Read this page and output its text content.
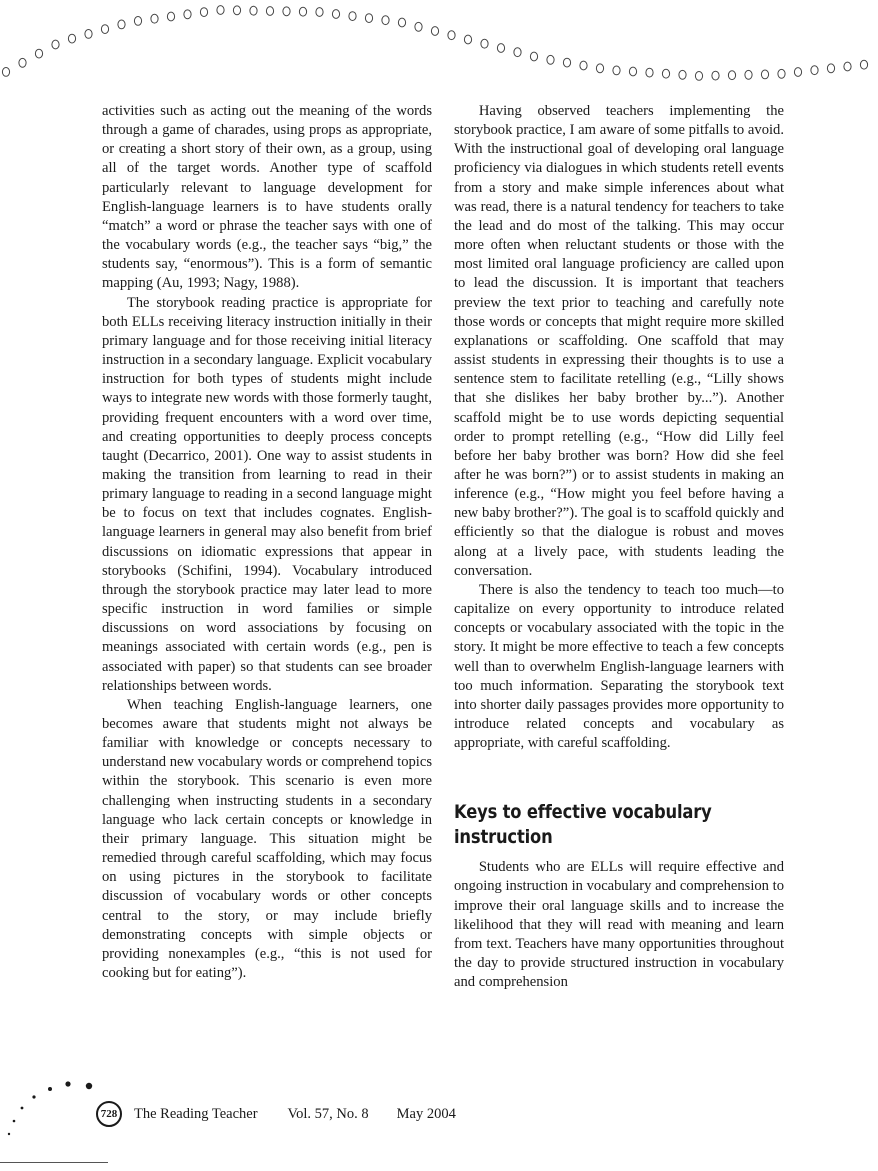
activities such as acting out the meaning of the words through a game of charades, using props as appropriate, or creating a short story of their own, as a group, using all of the target words. Another type of scaffold particularly relevant to language development for English-language learners is to have students orally “match” a word or phrase the teacher says with one of the vocabulary words (e.g., the teacher says “big,” the students say, “enormous”). This is a form of semantic mapping (Au, 1993; Nagy, 1988).

The storybook reading practice is appropriate for both ELLs receiving literacy instruction initially in their primary language and for those receiving initial literacy instruction in a secondary language. Explicit vocabulary instruction for both types of students might include ways to integrate new words with those formerly taught, providing frequent encounters with a word over time, and creating opportunities to deeply process concepts taught (Decarrico, 2001). One way to assist students in making the transition from learning to read in their primary language to reading in a second language might be to focus on text that includes cognates. English-language learners in general may also benefit from brief discussions on idiomatic expressions that appear in storybooks (Schifini, 1994). Vocabulary introduced through the storybook practice may later lead to more specific instruction in word families or simple discussions on word associations by focusing on meanings associated with certain words (e.g., pen is associated with paper) so that students can see broader relationships between words.

When teaching English-language learners, one becomes aware that students might not always be familiar with knowledge or concepts necessary to understand new vocabulary words or comprehend topics within the storybook. This scenario is even more challenging when instructing students in a secondary language who lack certain concepts or knowledge in their primary language. This situation might be remedied through careful scaffolding, which may focus on using pictures in the storybook to facilitate discussion of vocabulary words or other concepts central to the story, or may include briefly demonstrating concepts with simple objects or providing nonexamples (e.g., “this is not used for cooking but for eating”).

Having observed teachers implementing the storybook practice, I am aware of some pitfalls to avoid. With the instructional goal of developing oral language proficiency via dialogues in which students retell events from a story and make simple inferences about what was read, there is a natural tendency for teachers to take the lead and do most of the talking. This may occur more often when reluctant students or those with the most limited oral language proficiency are called upon to lead the discussion. It is important that teachers preview the text prior to teaching and carefully note those words or concepts that might require more skilled explanations or scaffolding. One scaffold that may assist students in expressing their thoughts is to use a sentence stem to facilitate retelling (e.g., “Lilly shows that she dislikes her baby brother by...”). Another scaffold might be to use words depicting sequential order to prompt retelling (e.g., “How did Lilly feel before her baby brother was born? How did she feel after he was born?”) or to assist students in making an inference (e.g., “How might you feel before having a new baby brother?”). The goal is to scaffold quickly and efficiently so that the dialogue is robust and moves along at a lively pace, with students leading the conversation.

There is also the tendency to teach too much—to capitalize on every opportunity to introduce related concepts or vocabulary associated with the topic in the story. It might be more effective to teach a few concepts well than to overwhelm English-language learners with too much information. Separating the storybook text into shorter daily passages provides more opportunity to introduce related concepts and vocabulary as appropriate, with careful scaffolding.

Keys to effective vocabulary instruction

Students who are ELLs will require effective and ongoing instruction in vocabulary and comprehension to improve their oral language skills and to increase the likelihood that they will read with meaning and learn from text. Teachers have many opportunities throughout the day to provide structured instruction in vocabulary and comprehension

728	The Reading Teacher Vol. 57, No. 8 May 2004
